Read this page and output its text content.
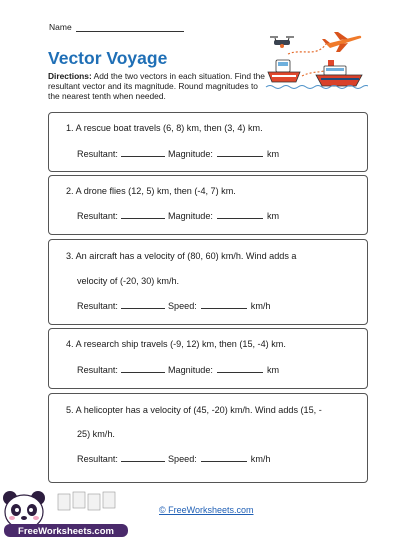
Name
Vector Voyage
Directions: Add the two vectors in each situation. Find the resultant vector and its magnitude. Round magnitudes to the nearest tenth when needed.
1. A rescue boat travels (6, 8) km, then (3, 4) km.
Resultant:	Magnitude:	km
2. A drone flies (12, 5) km, then (-4, 7) km.
Resultant:	Magnitude:	km
3. An aircraft has a velocity of (80, 60) km/h. Wind adds a
velocity of (-20, 30) km/h.
Resultant:	Speed:	km/h
4. A research ship travels (-9, 12) km, then (15, -4) km.
Resultant:	Magnitude:	km
5. A helicopter has a velocity of (45, -20) km/h. Wind adds (15, -
25) km/h.
Resultant:	Speed:	km/h
FreeWorksheets.com
© FreeWorksheets.com
